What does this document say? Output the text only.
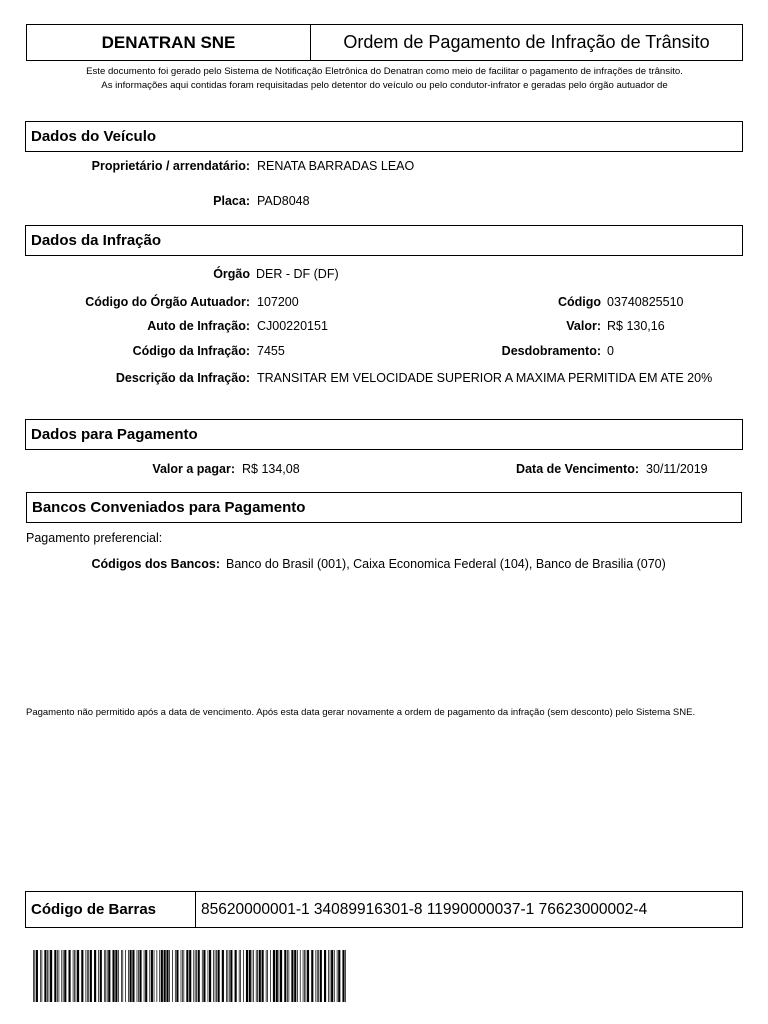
DENATRAN SNE	Ordem de Pagamento de Infração de Trânsito
Este documento foi gerado pelo Sistema de Notificação Eletrônica do Denatran como meio de facilitar o pagamento de infrações de trânsito.
As informações aqui contidas foram requisitadas pelo detentor do veículo ou pelo condutor-infrator e geradas pelo órgão autuador de
Dados do Veículo
Proprietário / arrendatário: RENATA BARRADAS LEAO
Placa: PAD8048
Dados da Infração
Órgão DER - DF (DF)
Código do Órgão Autuador: 107200	Código 03740825510
Auto de Infração: CJ00220151	Valor: R$ 130,16
Código da Infração: 7455	Desdobramento: 0
Descrição da Infração: TRANSITAR EM VELOCIDADE SUPERIOR A MAXIMA PERMITIDA EM ATE 20%
Dados para Pagamento
Valor a pagar: R$ 134,08	Data de Vencimento: 30/11/2019
Bancos Conveniados para Pagamento
Pagamento preferencial:
Códigos dos Bancos: Banco do Brasil (001), Caixa Economica Federal (104), Banco de Brasilia (070)
Pagamento não permitido após a data de vencimento. Após esta data gerar novamente a ordem de pagamento da infração (sem desconto) pelo Sistema SNE.
Código de Barras	85620000001-1 34089916301-8 11990000037-1 76623000002-4
